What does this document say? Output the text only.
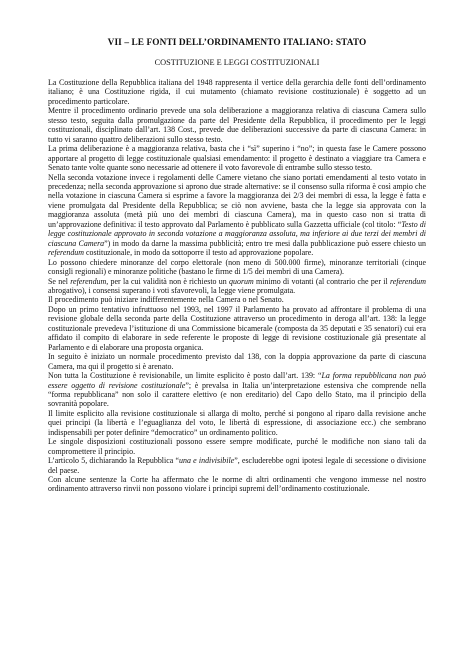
VII – LE FONTI DELL’ORDINAMENTO ITALIANO: STATO
COSTITUZIONE E LEGGI COSTITUZIONALI

La Costituzione della Repubblica italiana del 1948 rappresenta il vertice della gerarchia delle fonti dell’ordinamento italiano; è una Costituzione rigida, il cui mutamento (chiamato revisione costituzionale) è soggetto ad un procedimento particolare.

Mentre il procedimento ordinario prevede una sola deliberazione a maggioranza relativa di ciascuna Camera sullo stesso testo, seguita dalla promulgazione da parte del Presidente della Repubblica, il procedimento per le leggi costituzionali, disciplinato dall’art. 138 Cost., prevede due deliberazioni successive da parte di ciascuna Camera: in tutto vi saranno quattro deliberazioni sullo stesso testo.

La prima deliberazione è a maggioranza relativa, basta che i “sì” superino i “no”; in questa fase le Camere possono apportare al progetto di legge costituzionale qualsiasi emendamento: il progetto è destinato a viaggiare tra Camera e Senato tante volte quante sono necessarie ad ottenere il voto favorevole di entrambe sullo stesso testo.

Nella seconda votazione invece i regolamenti delle Camere vietano che siano portati emendamenti al testo votato in precedenza; nella seconda approvazione si aprono due strade alternative: se il consenso sulla riforma è così ampio che nella votazione in ciascuna Camera si esprime a favore la maggioranza dei 2/3 dei membri di essa, la legge è fatta e viene promulgata dal Presidente della Repubblica; se ciò non avviene, basta che la legge sia approvata con la maggioranza assoluta (metà più uno dei membri di ciascuna Camera), ma in questo caso non si tratta di un’approvazione definitiva: il testo approvato dal Parlamento è pubblicato sulla Gazzetta ufficiale (col titolo: “Testo di legge costituzionale approvato in seconda votazione a maggioranza assoluta, ma inferiore ai due terzi dei membri di ciascuna Camera”) in modo da darne la massima pubblicità; entro tre mesi dalla pubblicazione può essere chiesto un referendum costituzionale, in modo da sottoporre il testo ad approvazione popolare.

Lo possono chiedere minoranze del corpo elettorale (non meno di 500.000 firme), minoranze territoriali (cinque consigli regionali) e minoranze politiche (bastano le firme di 1/5 dei membri di una Camera).

Se nel referendum, per la cui validità non è richiesto un quorum minimo di votanti (al contrario che per il referendum abrogativo), i consensi superano i voti sfavorevoli, la legge viene promulgata.

Il procedimento può iniziare indifferentemente nella Camera o nel Senato.

Dopo un primo tentativo infruttuoso nel 1993, nel 1997 il Parlamento ha provato ad affrontare il problema di una revisione globale della seconda parte della Costituzione attraverso un procedimento in deroga all’art. 138: la legge costituzionale prevedeva l’istituzione di una Commissione bicamerale (composta da 35 deputati e 35 senatori) cui era affidato il compito di elaborare in sede referente le proposte di legge di revisione costituzionale già presentate al Parlamento e di elaborare una proposta organica.

In seguito è iniziato un normale procedimento previsto dal 138, con la doppia approvazione da parte di ciascuna Camera, ma qui il progetto si è arenato.

Non tutta la Costituzione è revisionabile, un limite esplicito è posto dall’art. 139: “La forma repubblicana non può essere oggetto di revisione costituzionale”; è prevalsa in Italia un’interpretazione estensiva che comprende nella “forma repubblicana” non solo il carattere elettivo (e non ereditario) del Capo dello Stato, ma il principio della sovranità popolare.

Il limite esplicito alla revisione costituzionale si allarga di molto, perché si pongono al riparo dalla revisione anche quei principi (la libertà e l’eguaglianza del voto, le libertà di espressione, di associazione ecc.) che sembrano indispensabili per poter definire “democratico” un ordinamento politico.

Le singole disposizioni costituzionali possono essere sempre modificate, purché le modifiche non siano tali da compromettere il principio.

L’articolo 5, dichiarando la Repubblica “una e indivisibile”, escluderebbe ogni ipotesi legale di secessione o divisione del paese.

Con alcune sentenze la Corte ha affermato che le norme di altri ordinamenti che vengono immesse nel nostro ordinamento attraverso rinvii non possono violare i principi supremi dell’ordinamento costituzionale.
